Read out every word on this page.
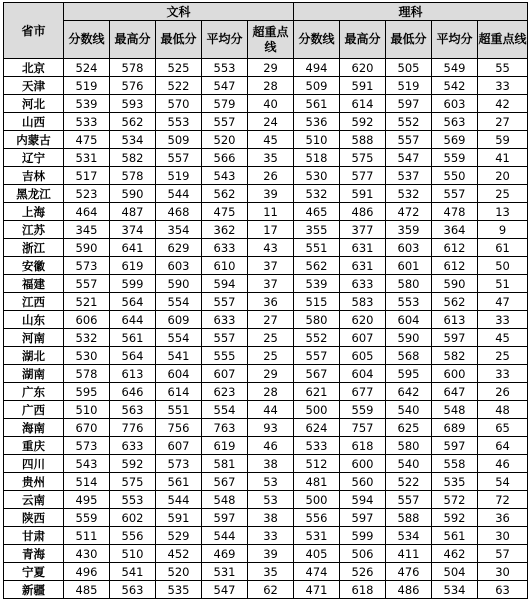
省市	文科					理科				
	分数线	最高分	最低分	平均分	超重点线	分数线	最高分	最低分	平均分	超重点线
北京	524	578	525	553	29	494	620	505	549	55
天津	519	576	522	547	28	509	591	519	542	33
河北	539	593	570	579	40	561	614	597	603	42
山西	533	562	553	557	24	536	592	552	563	27
内蒙古	475	534	509	520	45	510	588	557	569	59
辽宁	531	582	557	566	35	518	575	547	559	41
吉林	517	578	519	543	26	530	577	537	550	20
黑龙江	523	590	544	562	39	532	591	532	557	25
上海	464	487	468	475	11	465	486	472	478	13
江苏	345	374	354	362	17	355	377	359	364	9
浙江	590	641	629	633	43	551	631	603	612	61
安徽	573	619	603	610	37	562	631	601	612	50
福建	557	599	590	594	37	539	633	580	590	51
江西	521	564	554	557	36	515	583	553	562	47
山东	606	644	609	633	27	580	620	604	613	33
河南	532	561	554	557	25	552	607	590	597	45
湖北	530	564	541	555	25	557	605	568	582	25
湖南	578	613	604	607	29	567	604	595	600	33
广东	595	646	614	623	28	621	677	642	647	26
广西	510	563	551	554	44	500	559	540	548	48
海南	670	776	756	763	93	624	757	625	689	65
重庆	573	633	607	619	46	533	618	580	597	64
四川	543	592	573	581	38	512	600	540	558	46
贵州	514	575	561	567	53	481	560	522	535	54
云南	495	553	544	548	53	500	594	557	572	72
陕西	559	602	591	597	38	556	597	588	592	36
甘肃	511	556	529	544	33	531	599	534	561	30
青海	430	510	452	469	39	405	506	411	462	57
宁夏	496	541	520	531	35	474	526	476	504	30
新疆	485	563	535	547	62	471	618	486	534	63
